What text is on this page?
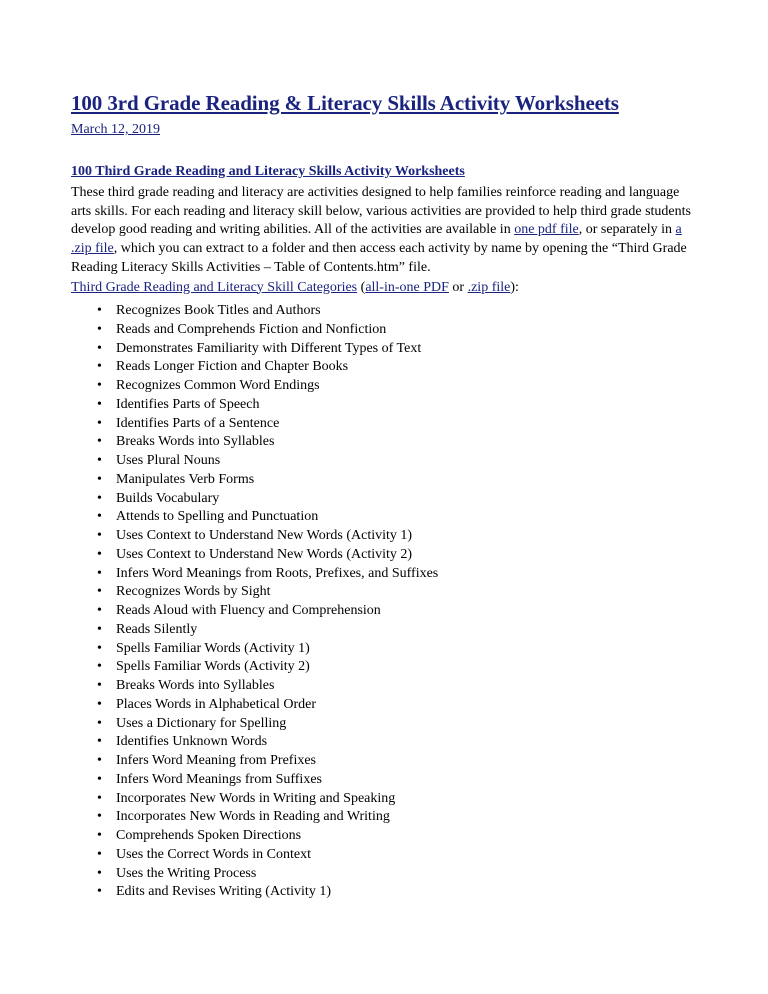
100 3rd Grade Reading & Literacy Skills Activity Worksheets
March 12, 2019
100 Third Grade Reading and Literacy Skills Activity Worksheets

These third grade reading and literacy are activities designed to help families reinforce reading and language arts skills. For each reading and literacy skill below, various activities are provided to help third grade students develop good reading and writing abilities. All of the activities are available in one pdf file, or separately in a .zip file, which you can extract to a folder and then access each activity by name by opening the “Third Grade Reading Literacy Skills Activities – Table of Contents.htm” file.

Third Grade Reading and Literacy Skill Categories (all-in-one PDF or .zip file):
• Recognizes Book Titles and Authors
• Reads and Comprehends Fiction and Nonfiction
• Demonstrates Familiarity with Different Types of Text
• Reads Longer Fiction and Chapter Books
• Recognizes Common Word Endings
• Identifies Parts of Speech
• Identifies Parts of a Sentence
• Breaks Words into Syllables
• Uses Plural Nouns
• Manipulates Verb Forms
• Builds Vocabulary
• Attends to Spelling and Punctuation
• Uses Context to Understand New Words (Activity 1)
• Uses Context to Understand New Words (Activity 2)
• Infers Word Meanings from Roots, Prefixes, and Suffixes
• Recognizes Words by Sight
• Reads Aloud with Fluency and Comprehension
• Reads Silently
• Spells Familiar Words (Activity 1)
• Spells Familiar Words (Activity 2)
• Breaks Words into Syllables
• Places Words in Alphabetical Order
• Uses a Dictionary for Spelling
• Identifies Unknown Words
• Infers Word Meaning from Prefixes
• Infers Word Meanings from Suffixes
• Incorporates New Words in Writing and Speaking
• Incorporates New Words in Reading and Writing
• Comprehends Spoken Directions
• Uses the Correct Words in Context
• Uses the Writing Process
• Edits and Revises Writing (Activity 1)
